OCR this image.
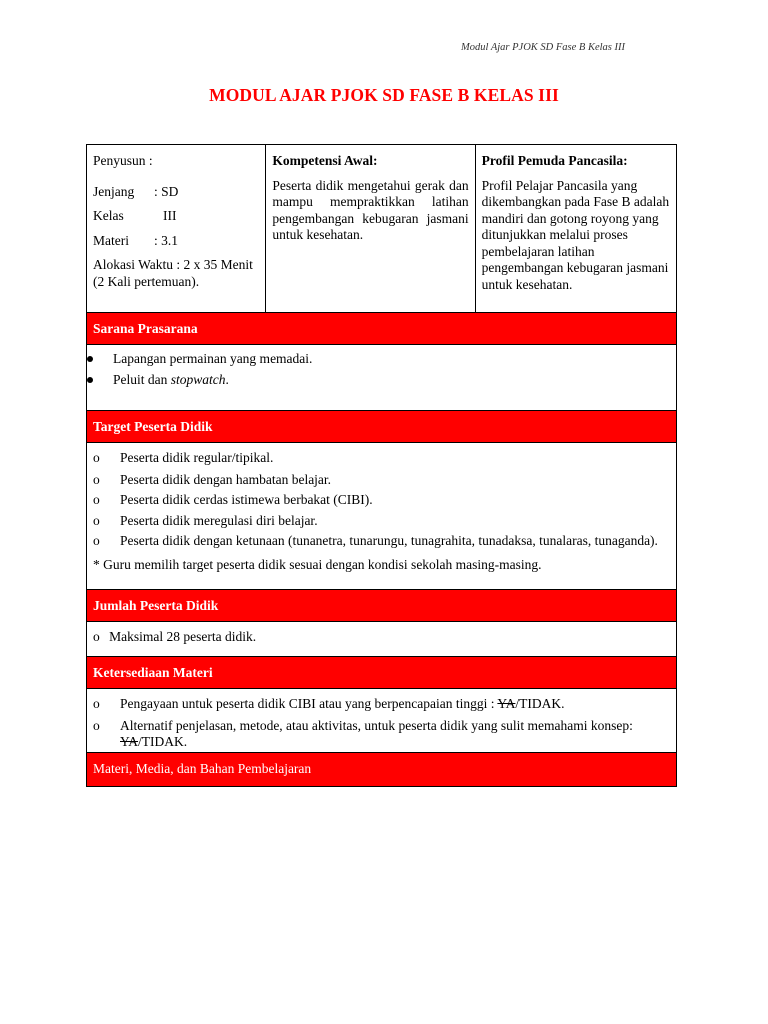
Modul Ajar PJOK SD Fase B Kelas III
MODUL AJAR PJOK SD FASE B KELAS III
Penyusun :
Jenjang	: SD
Kelas	III
Materi	: 3.1
Alokasi Waktu : 2 x 35 Menit (2 Kali pertemuan).
Kompetensi Awal:
Peserta didik mengetahui gerak dan mampu mempraktikkan latihan pengembangan kebugaran jasmani untuk kesehatan.
Profil Pemuda Pancasila:
Profil Pelajar Pancasila yang dikembangkan pada Fase B adalah mandiri dan gotong royong yang ditunjukkan melalui proses pembelajaran latihan pengembangan kebugaran jasmani untuk kesehatan.
Sarana Prasarana
Lapangan permainan yang memadai.
Peluit dan stopwatch.
Target Peserta Didik
o Peserta didik regular/tipikal.
o Peserta didik dengan hambatan belajar.
o Peserta didik cerdas istimewa berbakat (CIBI).
o Peserta didik meregulasi diri belajar.
o Peserta didik dengan ketunaan (tunanetra, tunarungu, tunagrahita, tunadaksa, tunalaras, tunaganda).
* Guru memilih target peserta didik sesuai dengan kondisi sekolah masing-masing.
Jumlah Peserta Didik
o Maksimal 28 peserta didik.
Ketersediaan Materi
o Pengayaan untuk peserta didik CIBI atau yang berpencapaian tinggi : YA/TIDAK.
o Alternatif penjelasan, metode, atau aktivitas, untuk peserta didik yang sulit memahami konsep: YA/TIDAK.
Materi, Media, dan Bahan Pembelajaran
